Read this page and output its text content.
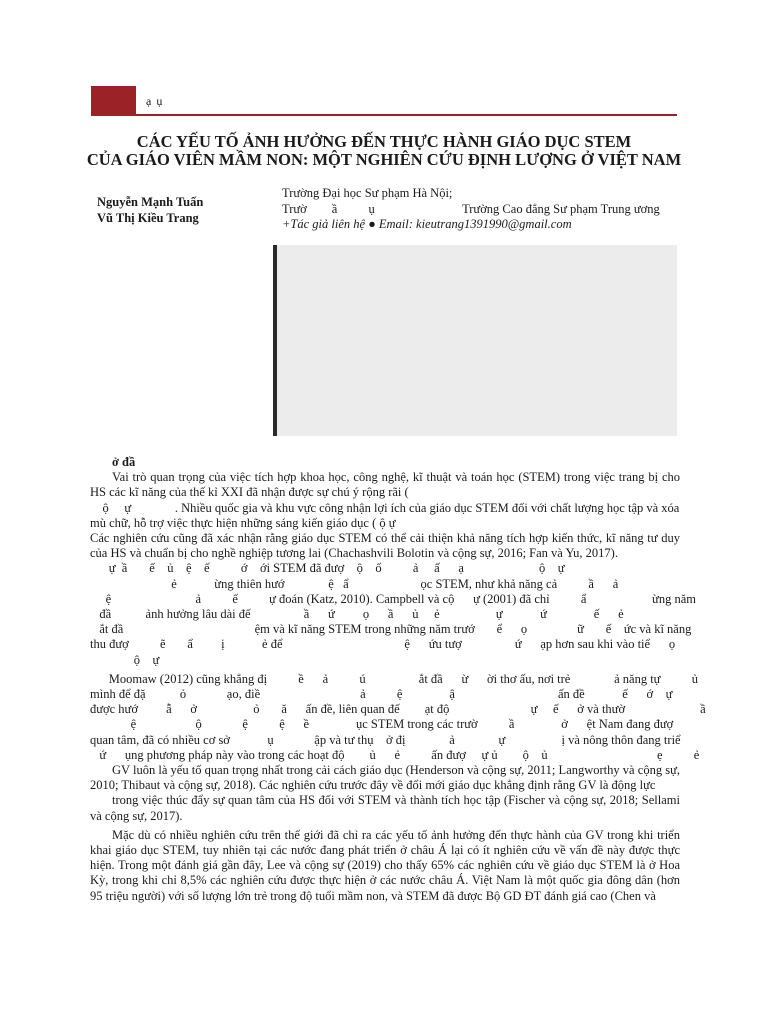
ạ ụ
CÁC YẾU TỐ ẢNH HƯỞNG ĐẾN THỰC HÀNH GIÁO DỤC STEM
CỦA GIÁO VIÊN MẦM NON: MỘT NGHIÊN CỨU ĐỊNH LƯỢNG Ở VIỆT NAM
Nguyễn Mạnh Tuấn
Vũ Thị Kiều Trang
Trường Đại học Sư phạm Hà Nội;
Trườ        ầ          ụ                            Trường Cao đẳng Sư phạm Trung ương
+Tác giả liên hệ ● Email: kieutrang1391990@gmail.com

ở đầ

Vai trò quan trọng của việc tích hợp khoa học, công nghệ, kĩ thuật và toán học (STEM) trong việc trang bị cho HS các kĩ năng của thế kỉ XXI đã nhận được sự chú ý rộng rãi (

ộ     ự              . Nhiều quốc gia và khu vực công nhận lợi ích của giáo dục STEM đối với chất lượng học tập và xóa

mù chữ, hỗ trợ việc thực hiện những sáng kiến giáo dục ( ộ ự

Các nghiên cứu cũng đã xác nhận rằng giáo dục STEM có thể cải thiện khả năng tích hợp kiến thức, kĩ năng tư duy của HS và chuẩn bị cho nghề nghiệp tương lai (Chachashvili Bolotin và cộng sự, 2016; Fan và Yu, 2017).

ự  ầ       ế    ủ    ệ    ế          ớ    ới STEM đã đượ    ộ    ố          ả     ấ      ạ                        ộ    ự

ẻ            ừng thiên hướ              ệ   ẩ                       ọc STEM, như khả năng cả          ầ      ả

ệ                           ả          ế          ự đoán (Katz, 2010). Campbell và cộ      ự (2001) đã chỉ          ẩ                     ừng năm

đầ           ảnh hưởng lâu dài đế                 ầ      ứ         ọ      ầ      ủ     ẻ                  ự            ứ               ế      ẻ

ắt đầ                                          ệm và kĩ năng STEM trong những năm trướ       ể      ọ                ữ       ế    ức và kĩ năng

thu đượ          ẽ       ẩ         ị            ẻ để                                       ệ      ứu tượ                 ứ      ạp hơn sau khi vào tiể      ọ

ộ    ự

Moomaw (2012) cũng khẳng đị          ề      ả          ú                 ắt đầ      ừ      ời thơ ấu, nơi trẻ              ả năng tự          ủ

mình để đặ           ỏ             ạo, điề                                ả          ệ               ậ                                 ấn đề            ế      ớ    ự

được hướ         ẫ      ở                  ỏ       ă      ấn đề, liên quan đế        ạt độ                          ự     ế      ở và thườ                        ầ

ệ                   ộ             ệ          ệ      ề               ục STEM trong các trườ          ầ               ở      ệt Nam đang đượ

quan tâm, đã có nhiều cơ sở            ụ             ập và tư thụ    ở đị              ả              ự                  ị và nông thôn đang triể

ứ      ụng phương pháp này vào trong các hoạt độ        ủ      ẻ          ấn đượ     ự ủ        ộ    ủ                                   ẹ          ẻ

GV luôn là yếu tố quan trọng nhất trong cải cách giáo dục (Henderson và cộng sự, 2011; Langworthy và cộng sự, 2010; Thibaut và cộng sự, 2018). Các nghiên cứu trước đây về đổi mới giáo dục khẳng định rằng GV là động lực

trong việc thúc đẩy sự quan tâm của HS đối với STEM và thành tích học tập (Fischer và cộng sự, 2018; Sellami và cộng sự, 2017).

Mặc dù có nhiều nghiên cứu trên thế giới đã chỉ ra các yếu tố ảnh hưởng đến thực hành của GV trong khi triển khai giáo dục STEM, tuy nhiên tại các nước đang phát triển ở châu Á lại có ít nghiên cứu về vấn đề này được thực hiện. Trong một đánh giá gần đây, Lee và cộng sự (2019) cho thấy 65% các nghiên cứu về giáo dục STEM là ở Hoa Kỳ, trong khi chỉ 8,5% các nghiên cứu được thực hiện ở các nước châu Á. Việt Nam là một quốc gia đông dân (hơn 95 triệu người) với số lượng lớn trẻ trong độ tuổi mầm non, và STEM đã được Bộ GD ĐT đánh giá cao (Chen và
